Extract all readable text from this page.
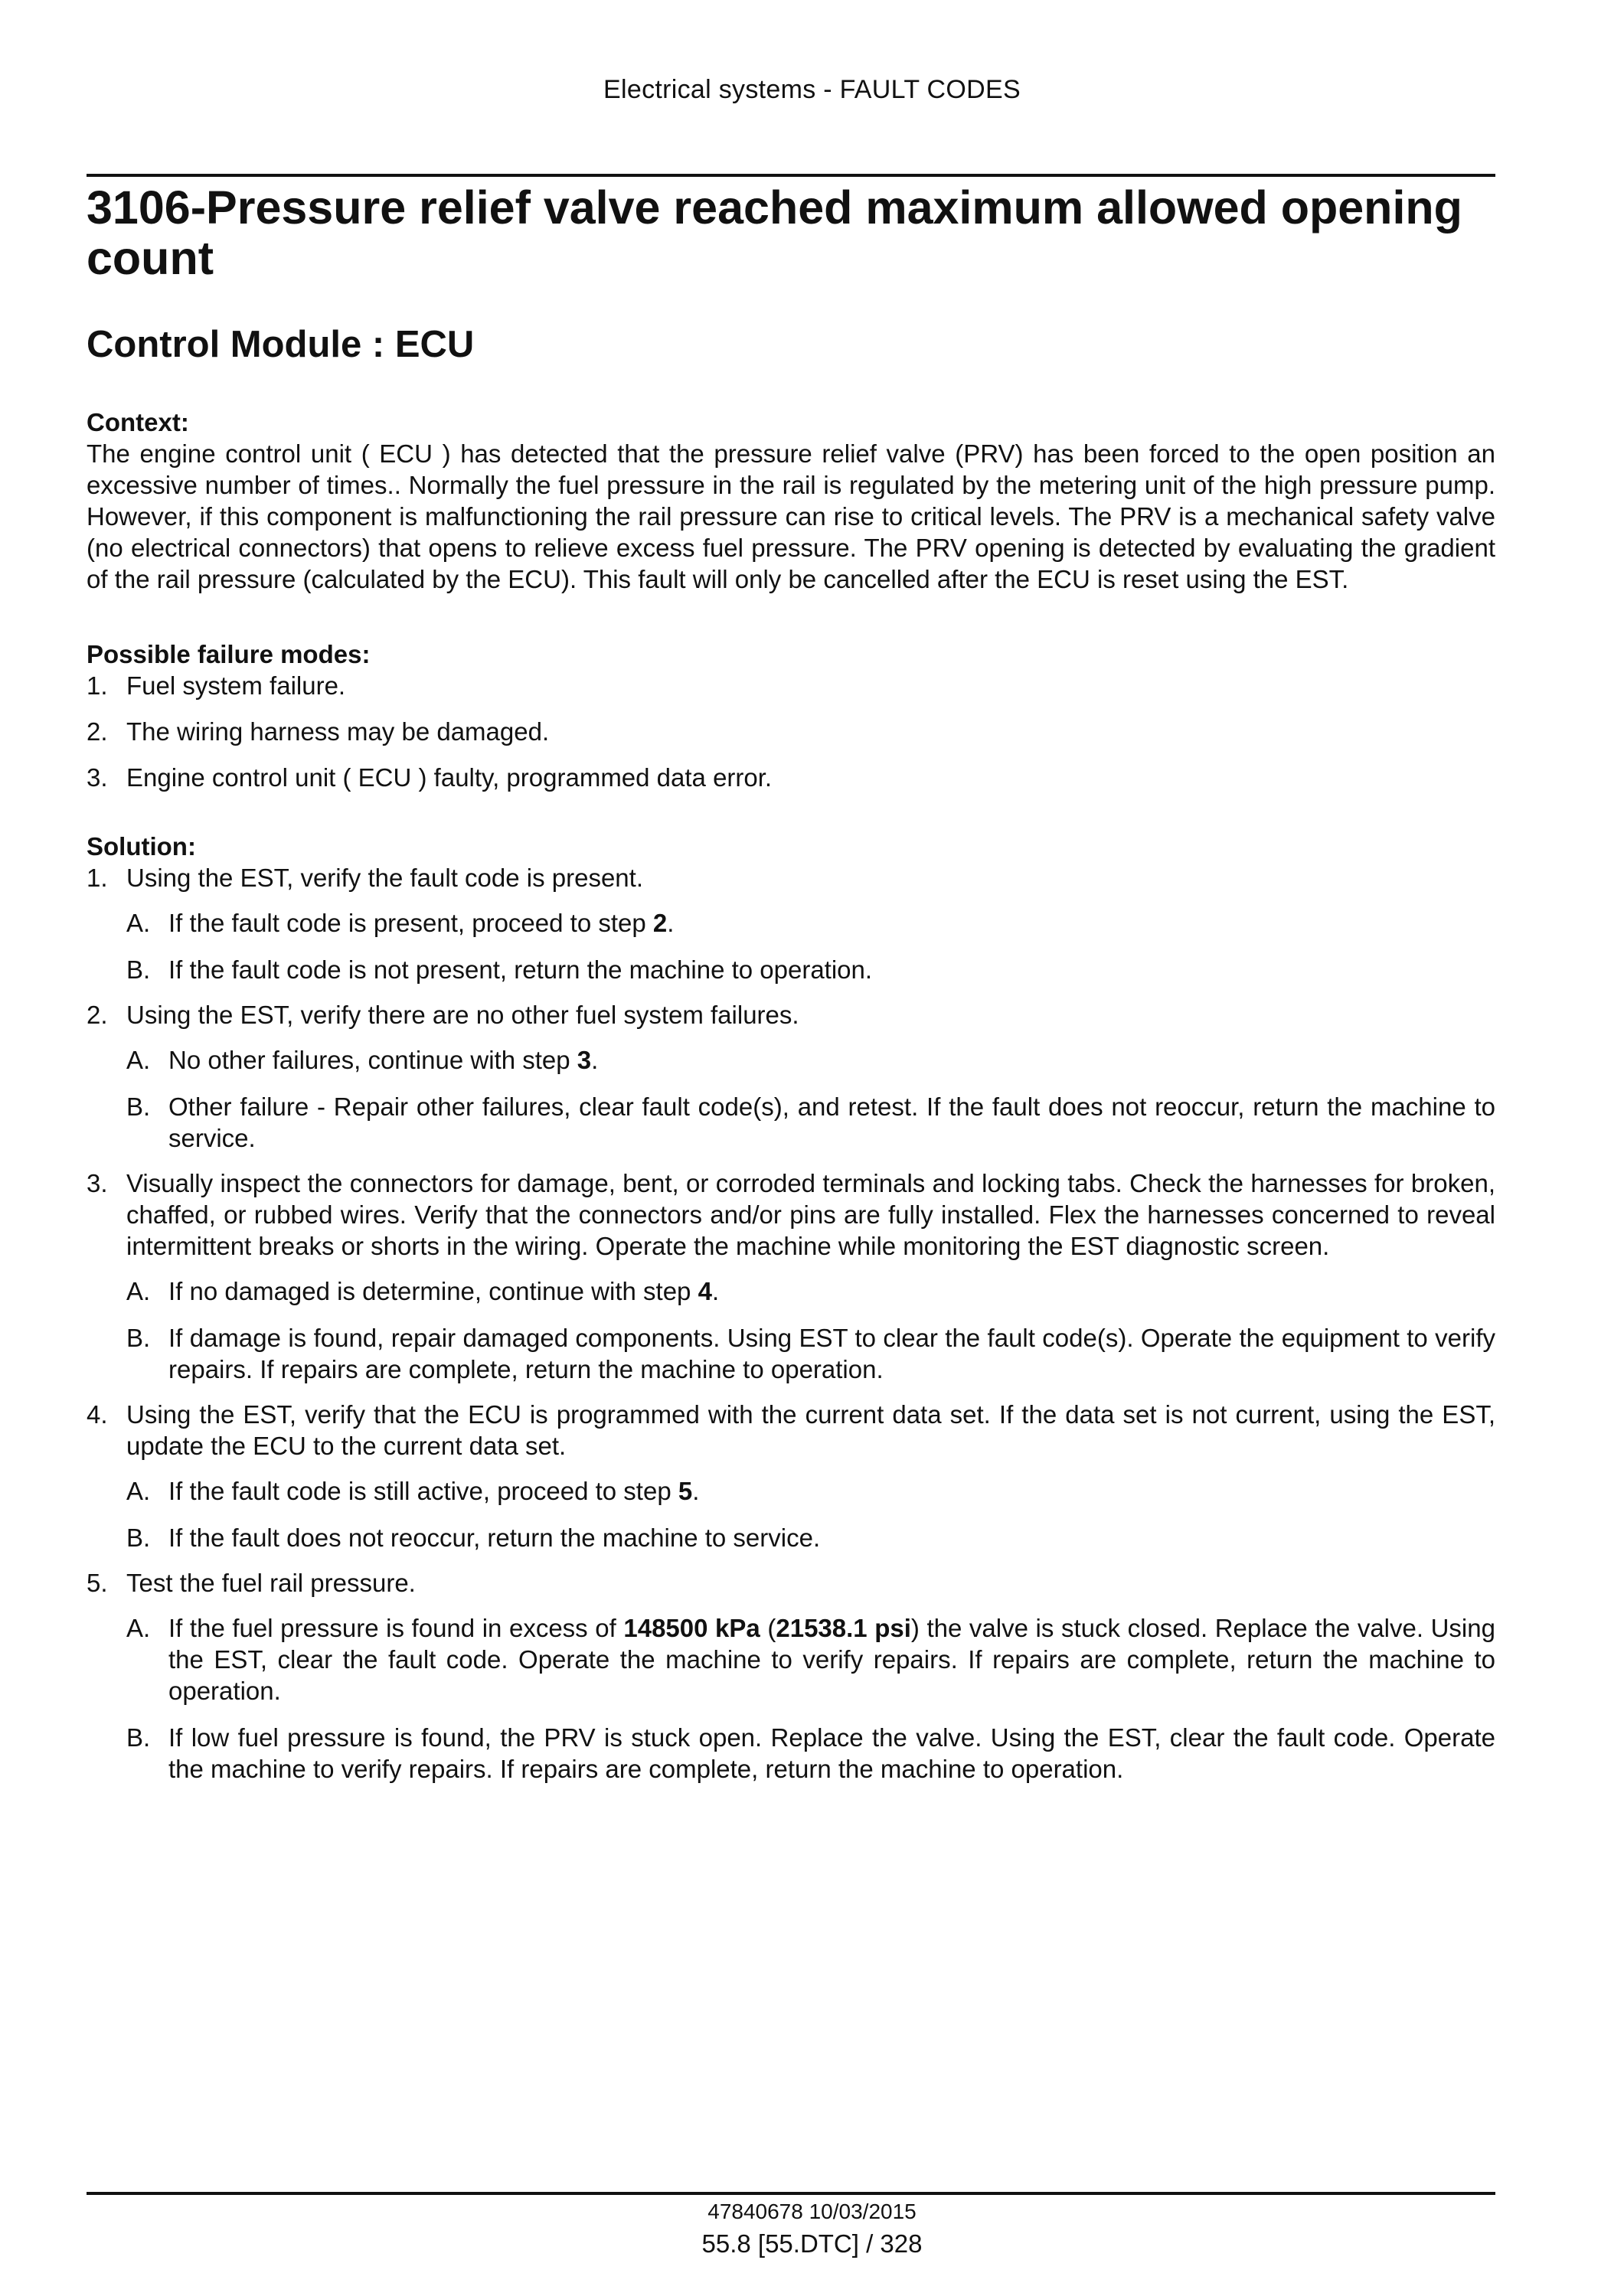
Electrical systems - FAULT CODES
3106-Pressure relief valve reached maximum allowed opening count
Control Module : ECU
Context:

The engine control unit ( ECU ) has detected that the pressure relief valve (PRV) has been forced to the open position an excessive number of times.. Normally the fuel pressure in the rail is regulated by the metering unit of the high pressure pump. However, if this component is malfunctioning the rail pressure can rise to critical levels. The PRV is a mechanical safety valve (no electrical connectors) that opens to relieve excess fuel pressure. The PRV opening is detected by evaluating the gradient of the rail pressure (calculated by the ECU). This fault will only be cancelled after the ECU is reset using the EST.

Possible failure modes:
1. Fuel system failure.
2. The wiring harness may be damaged.
3. Engine control unit ( ECU ) faulty, programmed data error.
Solution:
1. Using the EST, verify the fault code is present.
A. If the fault code is present, proceed to step 2.
B. If the fault code is not present, return the machine to operation.
2. Using the EST, verify there are no other fuel system failures.
A. No other failures, continue with step 3.
B. Other failure - Repair other failures, clear fault code(s), and retest. If the fault does not reoccur, return the machine to service.
3. Visually inspect the connectors for damage, bent, or corroded terminals and locking tabs. Check the harnesses for broken, chaffed, or rubbed wires. Verify that the connectors and/or pins are fully installed. Flex the harnesses concerned to reveal intermittent breaks or shorts in the wiring. Operate the machine while monitoring the EST diagnostic screen.
A. If no damaged is determine, continue with step 4.
B. If damage is found, repair damaged components. Using EST to clear the fault code(s). Operate the equipment to verify repairs. If repairs are complete, return the machine to operation.
4. Using the EST, verify that the ECU is programmed with the current data set. If the data set is not current, using the EST, update the ECU to the current data set.
A. If the fault code is still active, proceed to step 5.
B. If the fault does not reoccur, return the machine to service.
5. Test the fuel rail pressure.
A. If the fuel pressure is found in excess of 148500 kPa (21538.1 psi) the valve is stuck closed. Replace the valve. Using the EST, clear the fault code. Operate the machine to verify repairs. If repairs are complete, return the machine to operation.
B. If low fuel pressure is found, the PRV is stuck open. Replace the valve. Using the EST, clear the fault code. Operate the machine to verify repairs. If repairs are complete, return the machine to operation.
47840678 10/03/2015
55.8 [55.DTC] / 328
